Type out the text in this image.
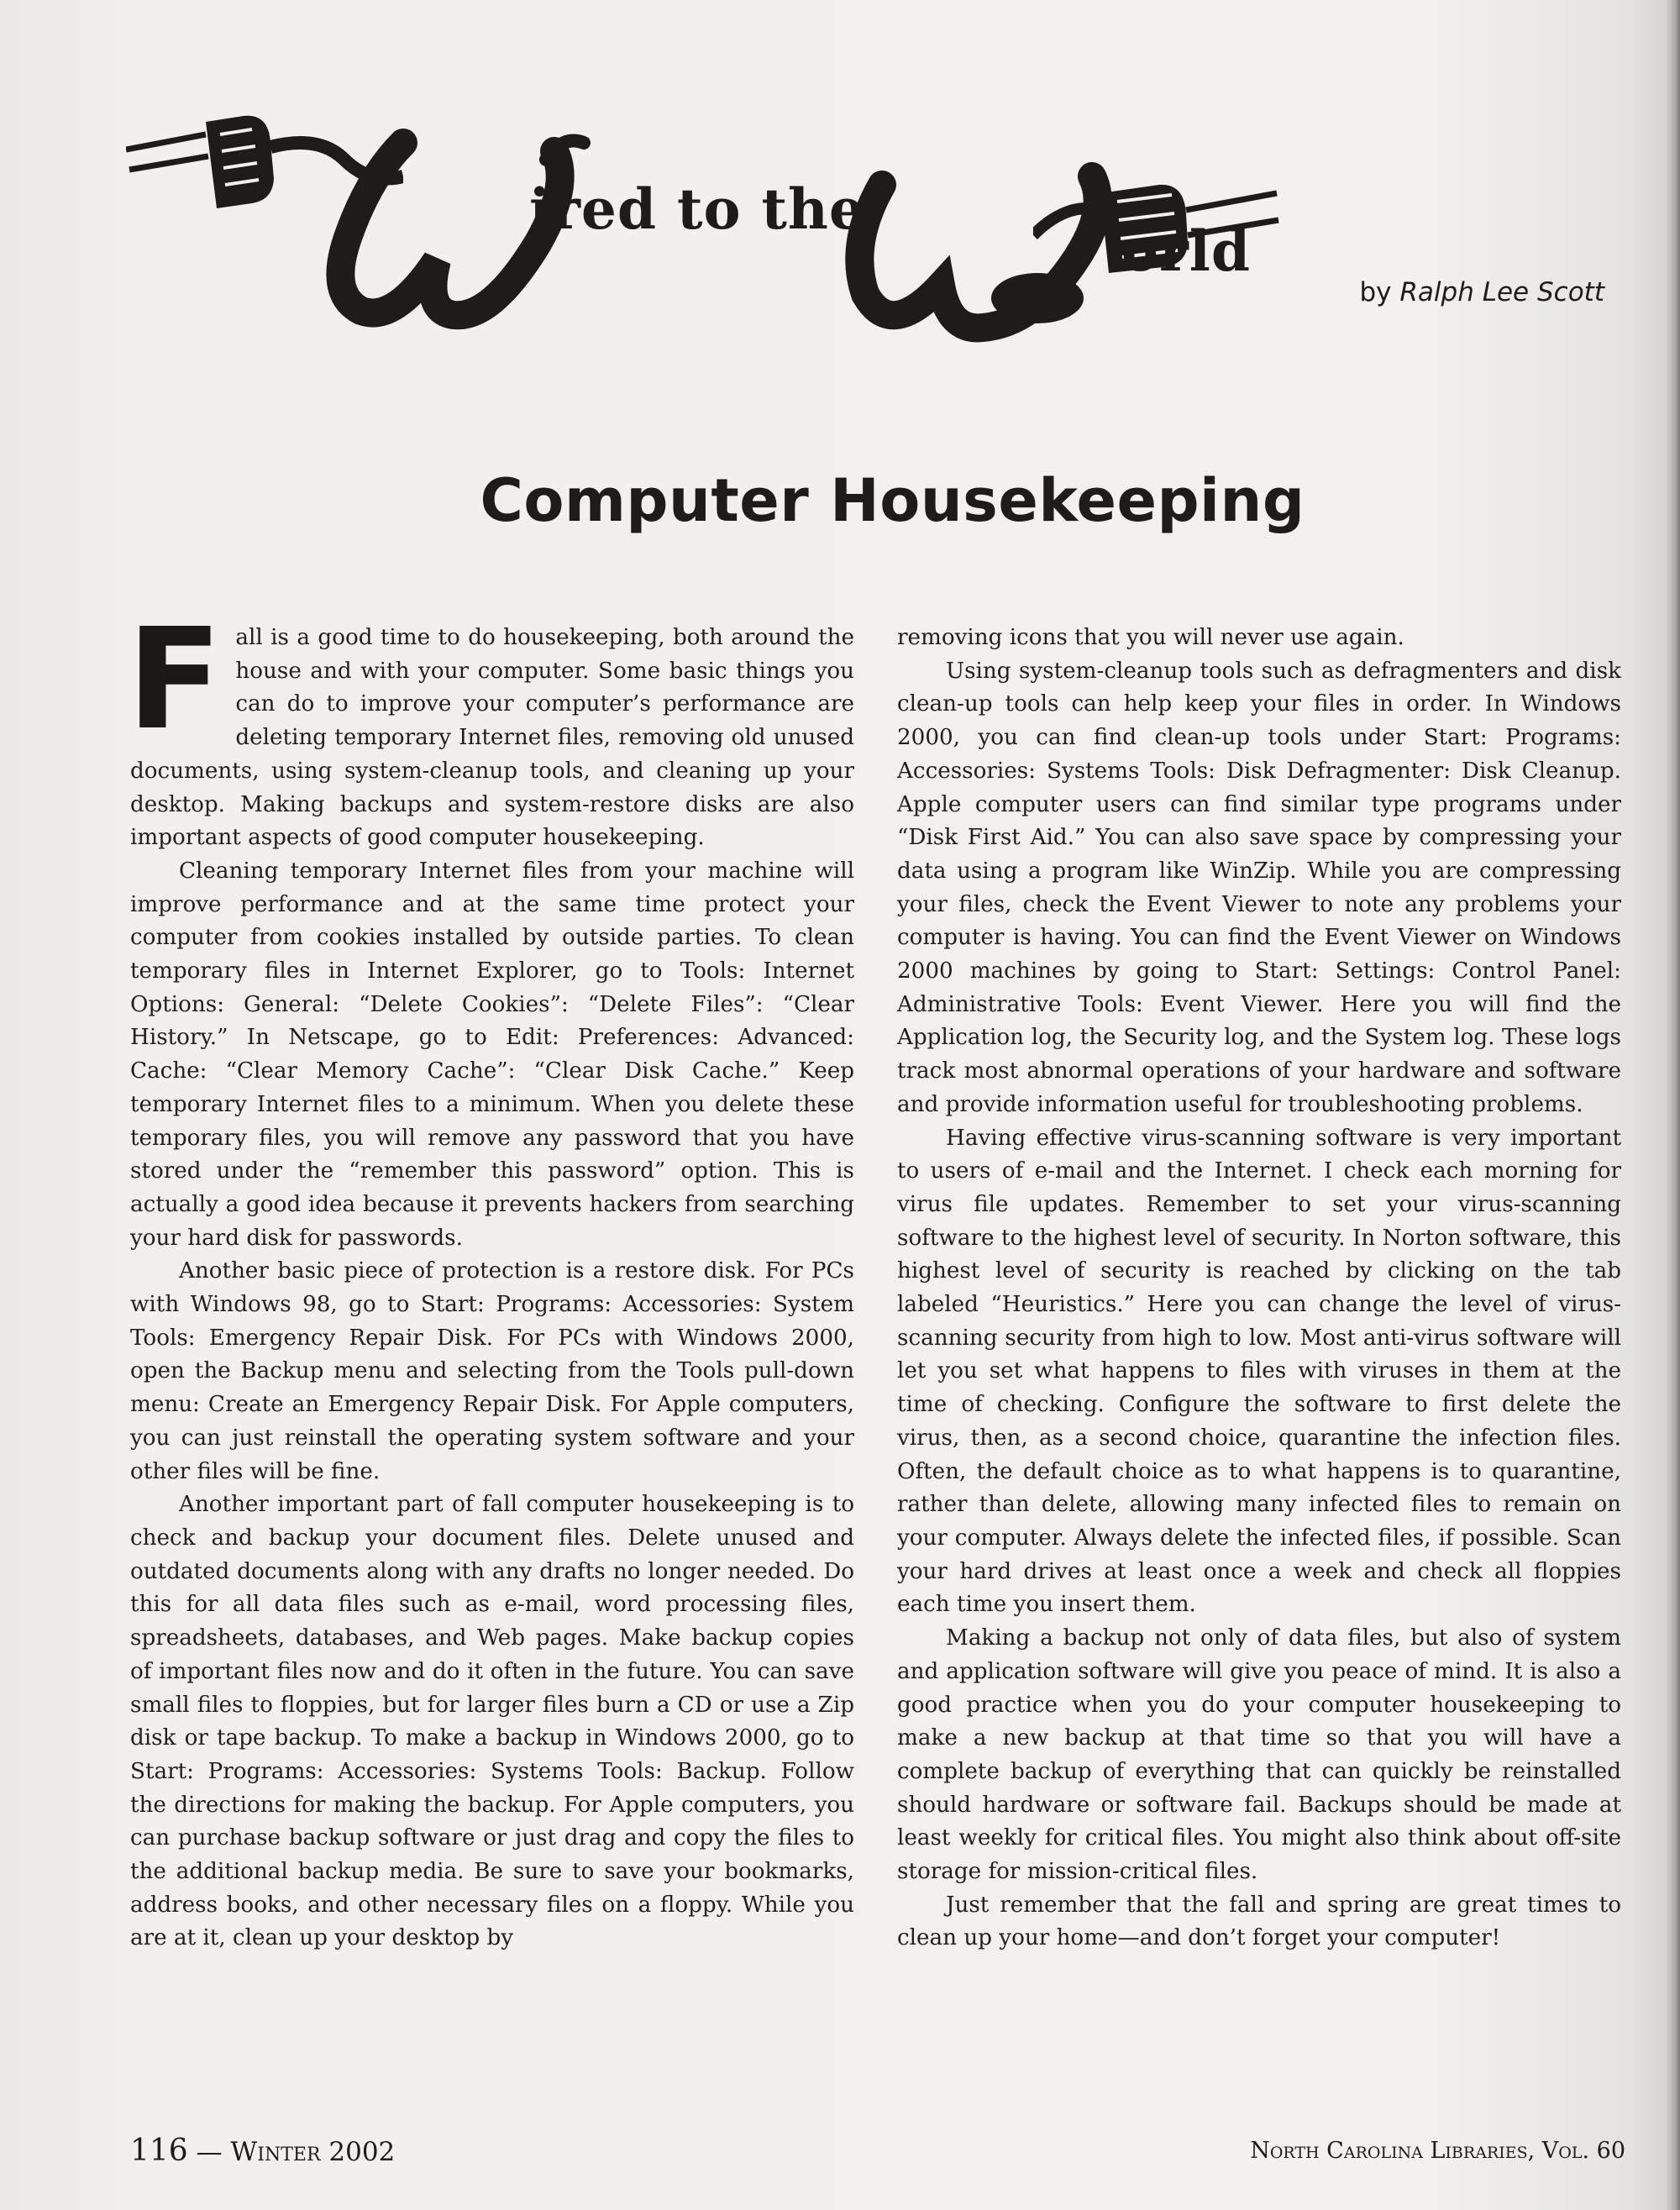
ired to the
orld
by Ralph Lee Scott
Computer Housekeeping

Fall is a good time to do housekeeping, both around the house and with your computer. Some basic things you can do to improve your computer’s performance are deleting temporary Internet files, removing old unused documents, using system-cleanup tools, and cleaning up your desktop. Making backups and system-restore disks are also important aspects of good computer housekeeping.

Cleaning temporary Internet files from your machine will improve performance and at the same time protect your computer from cookies installed by outside parties. To clean temporary files in Internet Explorer, go to Tools: Internet Options: General: “Delete Cookies”: “Delete Files”: “Clear History.” In Netscape, go to Edit: Preferences: Advanced: Cache: “Clear Memory Cache”: “Clear Disk Cache.” Keep temporary Internet files to a minimum. When you delete these temporary files, you will remove any password that you have stored under the “remember this password” option. This is actually a good idea because it prevents hackers from searching your hard disk for passwords.

Another basic piece of protection is a restore disk. For PCs with Windows 98, go to Start: Programs: Accessories: System Tools: Emergency Repair Disk. For PCs with Windows 2000, open the Backup menu and selecting from the Tools pull-down menu: Create an Emergency Repair Disk. For Apple computers, you can just reinstall the operating system software and your other files will be fine.

Another important part of fall computer housekeeping is to check and backup your document files. Delete unused and outdated documents along with any drafts no longer needed. Do this for all data files such as e-mail, word processing files, spreadsheets, databases, and Web pages. Make backup copies of important files now and do it often in the future. You can save small files to floppies, but for larger files burn a CD or use a Zip disk or tape backup. To make a backup in Windows 2000, go to Start: Programs: Accessories: Systems Tools: Backup. Follow the directions for making the backup. For Apple computers, you can purchase backup software or just drag and copy the files to the additional backup media. Be sure to save your bookmarks, address books, and other necessary files on a floppy. While you are at it, clean up your desktop by

removing icons that you will never use again.

Using system-cleanup tools such as defragmenters and disk clean-up tools can help keep your files in order. In Windows 2000, you can find clean-up tools under Start: Programs: Accessories: Systems Tools: Disk Defragmenter: Disk Cleanup. Apple computer users can find similar type programs under “Disk First Aid.” You can also save space by compressing your data using a program like WinZip. While you are compressing your files, check the Event Viewer to note any problems your computer is having. You can find the Event Viewer on Windows 2000 machines by going to Start: Settings: Control Panel: Administrative Tools: Event Viewer. Here you will find the Application log, the Security log, and the System log. These logs track most abnormal operations of your hardware and software and provide information useful for troubleshooting problems.

Having effective virus-scanning software is very important to users of e-mail and the Internet. I check each morning for virus file updates. Remember to set your virus-scanning software to the highest level of security. In Norton software, this highest level of security is reached by clicking on the tab labeled “Heuristics.” Here you can change the level of virus-scanning security from high to low. Most anti-virus software will let you set what happens to files with viruses in them at the time of checking. Configure the software to first delete the virus, then, as a second choice, quarantine the infection files. Often, the default choice as to what happens is to quarantine, rather than delete, allowing many infected files to remain on your computer. Always delete the infected files, if possible. Scan your hard drives at least once a week and check all floppies each time you insert them.

Making a backup not only of data files, but also of system and application software will give you peace of mind. It is also a good practice when you do your computer housekeeping to make a new backup at that time so that you will have a complete backup of everything that can quickly be reinstalled should hardware or software fail. Backups should be made at least weekly for critical files. You might also think about off-site storage for mission-critical files.

Just remember that the fall and spring are great times to clean up your home—and don’t forget your computer!

116 — Winter 2002	North Carolina Libraries, Vol. 60
